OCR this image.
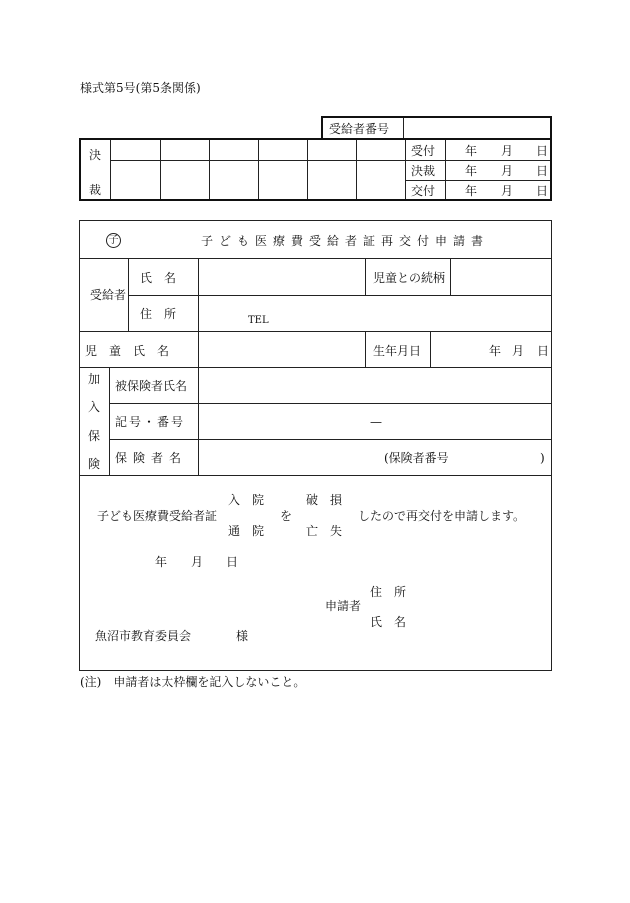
様式第5号(第5条関係)
受給者番号
決
裁
受付 年 月 日
決裁 年 月 日
交付 年 月 日
子	子ども医療費受給者証再交付申請書
受給者
氏　名	児童との続柄
住　所	TEL
児　童　氏　名	生年月日	年 月 日
加
入
保
険
被保険者氏名
記号・番号	—
保険者名	(保険者番号	)
入　院	破　損
子ども医療費受給者証	を	したので再交付を申請します。
通　院	亡　失
年 月 日
住　所
申請者
氏　名
魚沼市教育委員会	様
(注)　申請者は太枠欄を記入しないこと。
